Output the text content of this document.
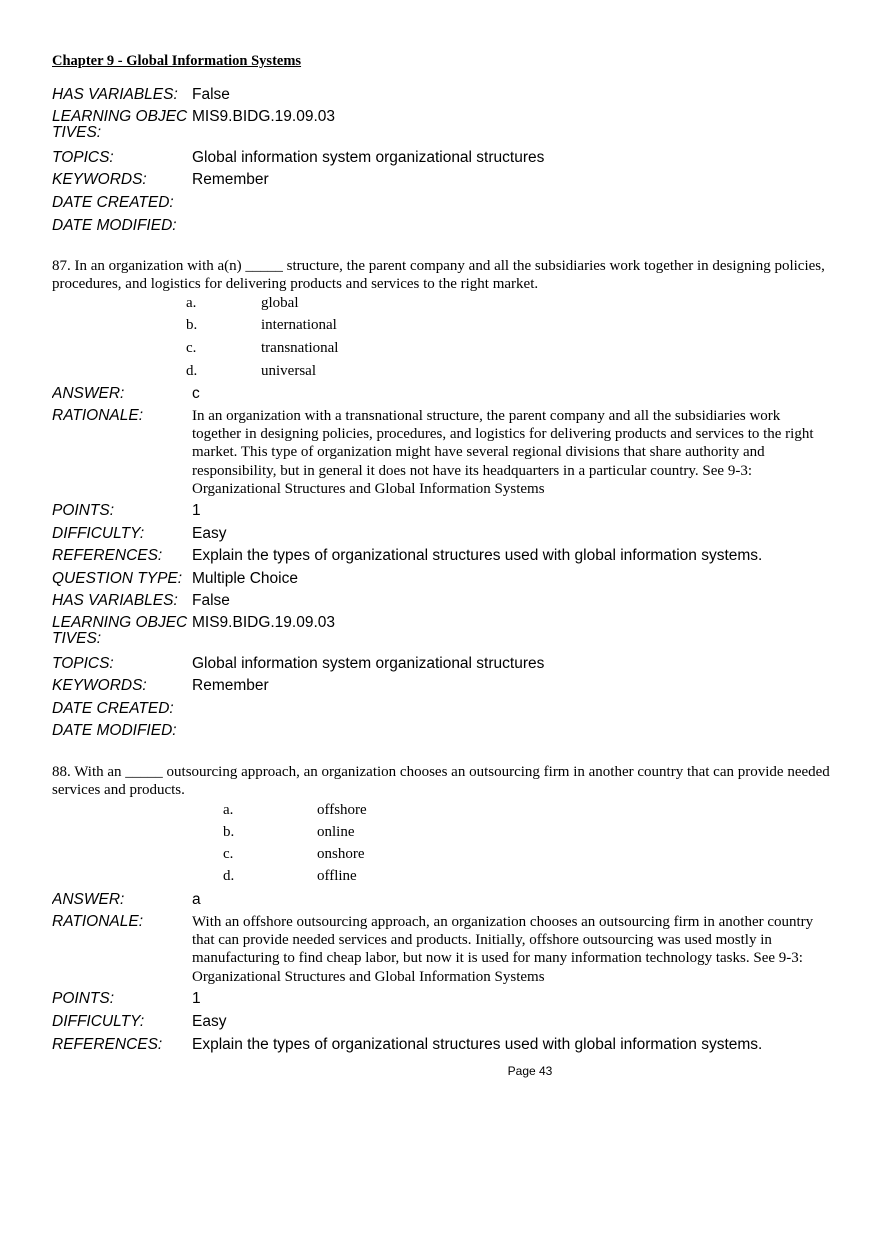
Chapter 9 - Global Information Systems
HAS VARIABLES: False
LEARNING OBJEC
TIVES:
MIS9.BIDG.19.09.03
TOPICS:	Global information system organizational structures
KEYWORDS:	Remember
DATE CREATED:
DATE MODIFIED:
87. In an organization with a(n) _____ structure, the parent company and all the subsidiaries work together in designing policies, procedures, and logistics for delivering products and services to the right market.
a.	global
b.	international
c.	transnational
d.	universal
ANSWER:	c
RATIONALE:	In an organization with a transnational structure, the parent company and all the subsidiaries work together in designing policies, procedures, and logistics for delivering products and services to the right market. This type of organization might have several regional divisions that share authority and responsibility, but in general it does not have its headquarters in a particular country. See 9-3: Organizational Structures and Global Information Systems
POINTS:	1
DIFFICULTY:	Easy
REFERENCES:	Explain the types of organizational structures used with global information systems.
QUESTION TYPE: Multiple Choice
HAS VARIABLES: False
LEARNING OBJEC
TIVES:
MIS9.BIDG.19.09.03
TOPICS:	Global information system organizational structures
KEYWORDS:	Remember
DATE CREATED:
DATE MODIFIED:
88. With an _____ outsourcing approach, an organization chooses an outsourcing firm in another country that can provide needed services and products.
a.	offshore
b.	online
c.	onshore
d.	offline
ANSWER:	a
RATIONALE:	With an offshore outsourcing approach, an organization chooses an outsourcing firm in another country that can provide needed services and products. Initially, offshore outsourcing was used mostly in manufacturing to find cheap labor, but now it is used for many information technology tasks. See 9-3: Organizational Structures and Global Information Systems
POINTS:	1
DIFFICULTY:	Easy
REFERENCES:	Explain the types of organizational structures used with global information systems.
Page 43
